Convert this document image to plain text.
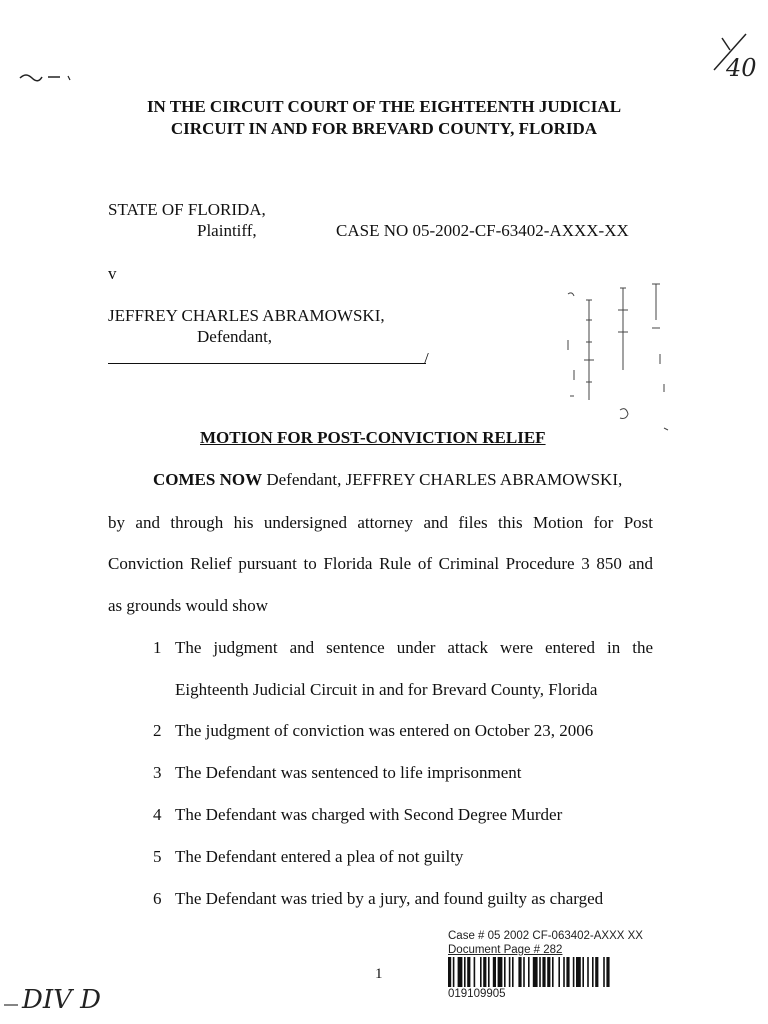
40
IN THE CIRCUIT COURT OF THE EIGHTEENTH JUDICIAL
CIRCUIT IN AND FOR BREVARD COUNTY, FLORIDA
STATE OF FLORIDA,
Plaintiff,	CASE NO 05-2002-CF-63402-AXXX-XX
v
JEFFREY CHARLES ABRAMOWSKI,
Defendant,
/
MOTION FOR POST-CONVICTION RELIEF
COMES NOW Defendant, JEFFREY CHARLES ABRAMOWSKI,
by and through his undersigned attorney and files this Motion for Post
Conviction Relief pursuant to Florida Rule of Criminal Procedure 3 850 and
as grounds would show
1 The judgment and sentence under attack were entered in the
Eighteenth Judicial Circuit in and for Brevard County, Florida
2 The judgment of conviction was entered on October 23, 2006
3 The Defendant was sentenced to life imprisonment
4 The Defendant was charged with Second Degree Murder
5 The Defendant entered a plea of not guilty
6 The Defendant was tried by a jury, and found guilty as charged
1
Case # 05 2002 CF-063402-AXXX XX
Document Page # 282
019109905
DIV D
